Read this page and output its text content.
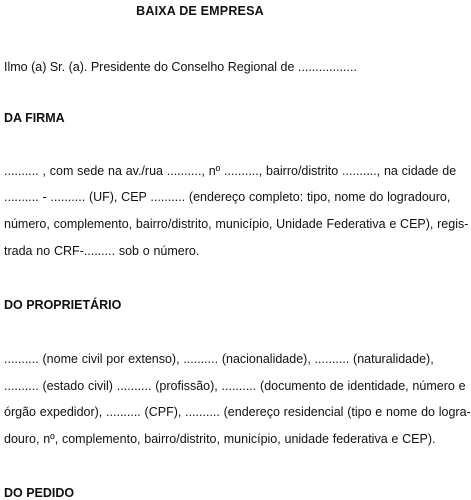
BAIXA DE EMPRESA
Ilmo (a) Sr. (a). Presidente do Conselho Regional de .................
DA FIRMA
.......... , com sede na av./rua .........., nº .........., bairro/distrito .........., na cidade de
.......... - .......... (UF), CEP .......... (endereço completo: tipo, nome do logradouro,
número, complemento, bairro/distrito, município, Unidade Federativa e CEP), regis-
trada no CRF-......... sob o número.
DO PROPRIETÁRIO
.......... (nome civil por extenso), .......... (nacionalidade), .......... (naturalidade),
.......... (estado civil) .......... (profissão), .......... (documento de identidade, número e
órgão expedidor), .......... (CPF), .......... (endereço residencial (tipo e nome do logra-
douro, nº, complemento, bairro/distrito, município, unidade federativa e CEP).
DO PEDIDO
